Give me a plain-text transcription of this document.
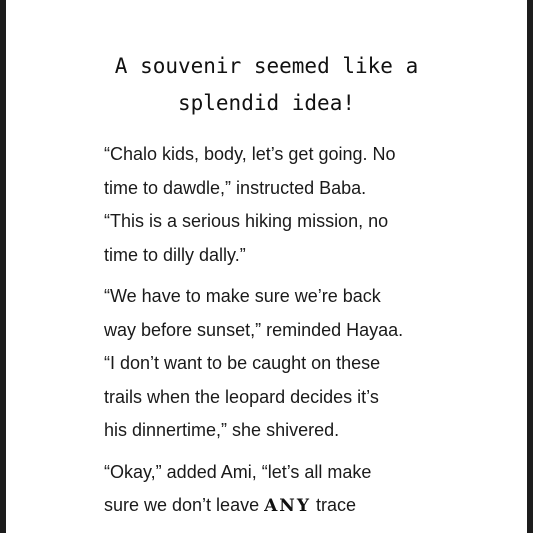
A souvenir seemed like a
splendid idea!

“Chalo kids, body, let’s get going. No
time to dawdle,” instructed Baba.
“This is a serious hiking mission, no
time to dilly dally.”

“We have to make sure we’re back
way before sunset,” reminded Hayaa.
“I don’t want to be caught on these
trails when the leopard decides it’s
his dinnertime,” she shivered.

“Okay,” added Ami, “let’s all make
sure we don’t leave ANY trace
